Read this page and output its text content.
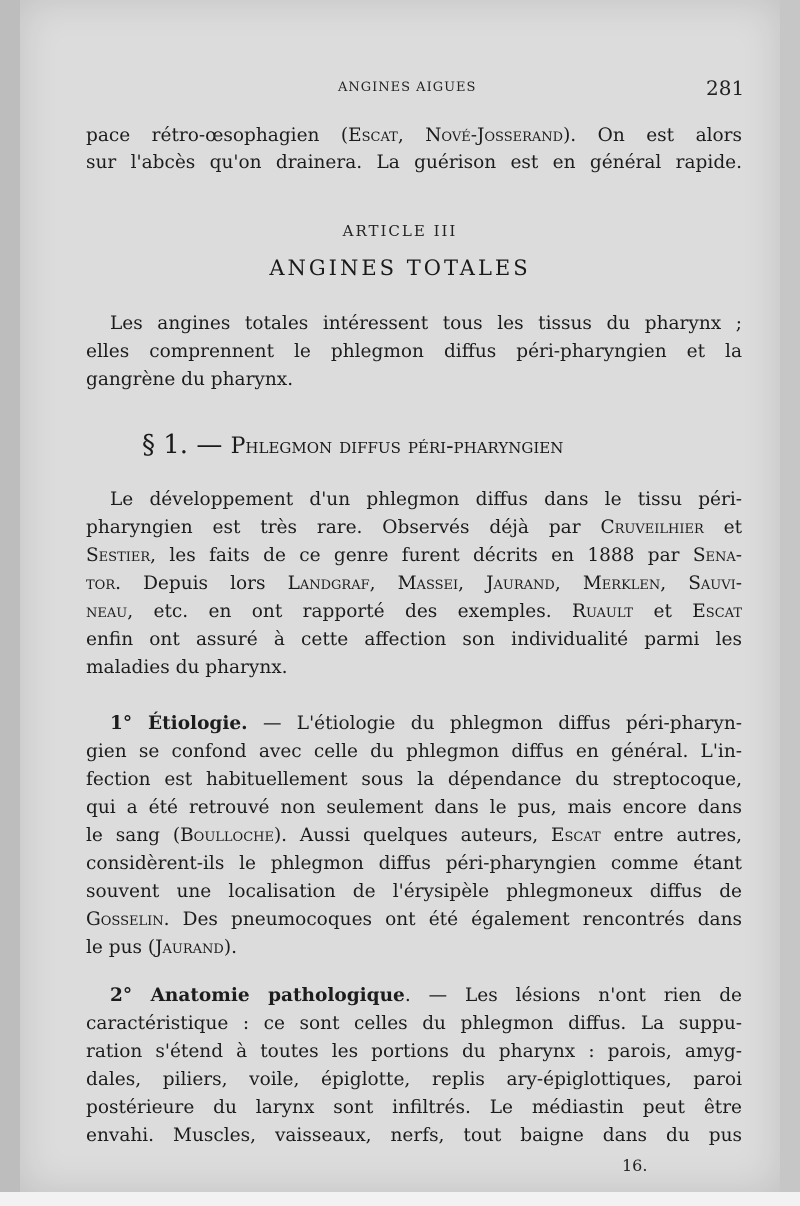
ANGINES AIGUES	281
pace rétro-œsophagien (Escat, Nové-Josserand). On est alors
sur l'abcès qu'on drainera. La guérison est en général rapide.
ARTICLE III
ANGINES TOTALES
Les angines totales intéressent tous les tissus du pharynx ;
elles comprennent le phlegmon diffus péri-pharyngien et la
gangrène du pharynx.
§ 1. — Phlegmon diffus péri-pharyngien
Le développement d'un phlegmon diffus dans le tissu péri-
pharyngien est très rare. Observés déjà par Cruveilhier et
Sestier, les faits de ce genre furent décrits en 1888 par Sena-
tor. Depuis lors Landgraf, Massei, Jaurand, Merklen, Sauvi-
neau, etc. en ont rapporté des exemples. Ruault et Escat
enfin ont assuré à cette affection son individualité parmi les
maladies du pharynx.
1° Étiologie. — L'étiologie du phlegmon diffus péri-pharyn-
gien se confond avec celle du phlegmon diffus en général. L'in-
fection est habituellement sous la dépendance du streptocoque,
qui a été retrouvé non seulement dans le pus, mais encore dans
le sang (Boulloche). Aussi quelques auteurs, Escat entre autres,
considèrent-ils le phlegmon diffus péri-pharyngien comme étant
souvent une localisation de l'érysipèle phlegmoneux diffus de
Gosselin. Des pneumocoques ont été également rencontrés dans
le pus (Jaurand).
2° Anatomie pathologique. — Les lésions n'ont rien de
caractéristique : ce sont celles du phlegmon diffus. La suppu-
ration s'étend à toutes les portions du pharynx : parois, amyg-
dales, piliers, voile, épiglotte, replis ary-épiglottiques, paroi
postérieure du larynx sont infiltrés. Le médiastin peut être
envahi. Muscles, vaisseaux, nerfs, tout baigne dans du pus
16.
